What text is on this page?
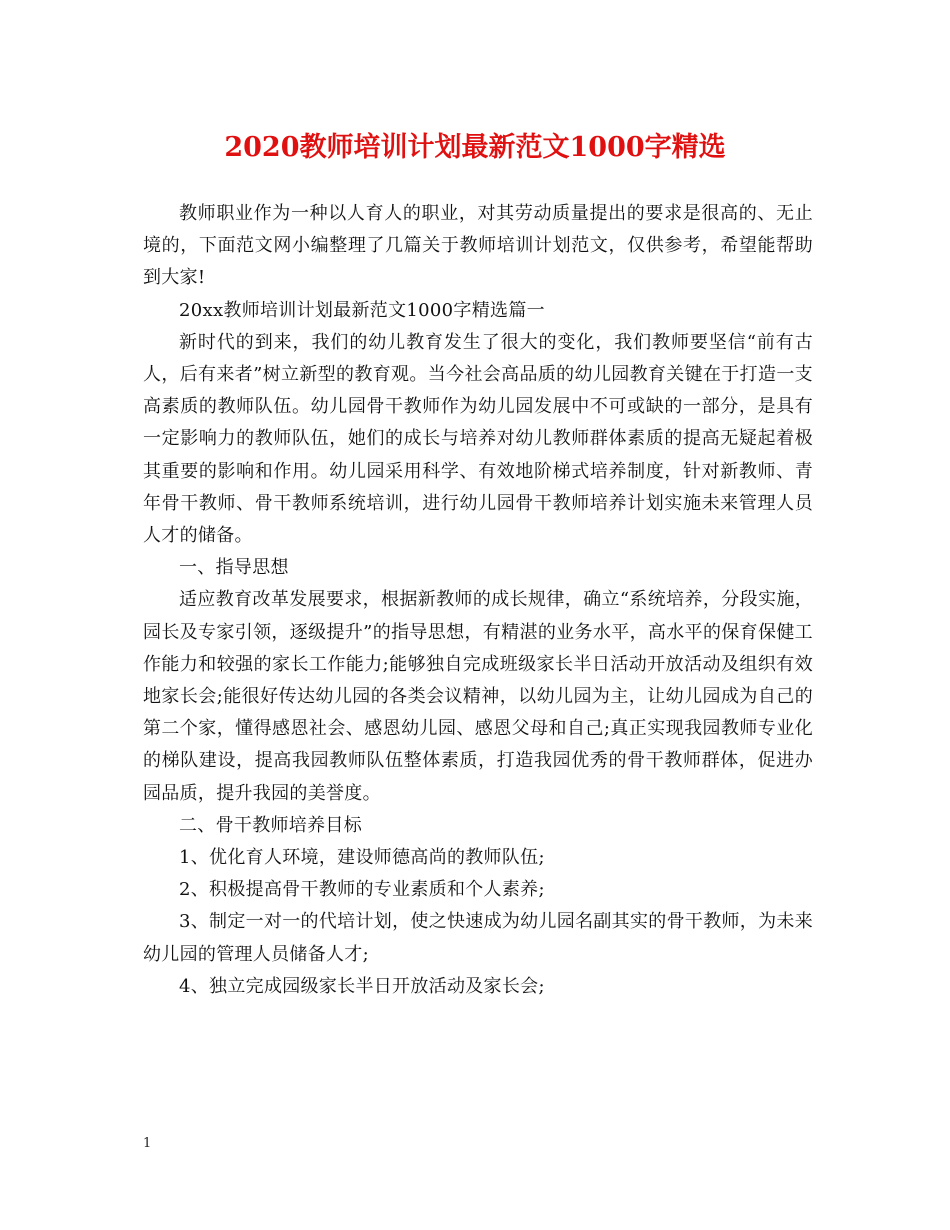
2020教师培训计划最新范文1000字精选

教师职业作为一种以人育人的职业，对其劳动质量提出的要求是很高的、无止境的，下面范文网小编整理了几篇关于教师培训计划范文，仅供参考，希望能帮助到大家!

20xx教师培训计划最新范文1000字精选篇一

新时代的到来，我们的幼儿教育发生了很大的变化，我们教师要坚信“前有古人，后有来者”树立新型的教育观。当今社会高品质的幼儿园教育关键在于打造一支高素质的教师队伍。幼儿园骨干教师作为幼儿园发展中不可或缺的一部分，是具有一定影响力的教师队伍，她们的成长与培养对幼儿教师群体素质的提高无疑起着极其重要的影响和作用。幼儿园采用科学、有效地阶梯式培养制度，针对新教师、青年骨干教师、骨干教师系统培训，进行幼儿园骨干教师培养计划实施未来管理人员人才的储备。

一、指导思想

适应教育改革发展要求，根据新教师的成长规律，确立“系统培养，分段实施，园长及专家引领，逐级提升”的指导思想，有精湛的业务水平，高水平的保育保健工作能力和较强的家长工作能力;能够独自完成班级家长半日活动开放活动及组织有效地家长会;能很好传达幼儿园的各类会议精神，以幼儿园为主，让幼儿园成为自己的第二个家，懂得感恩社会、感恩幼儿园、感恩父母和自己;真正实现我园教师专业化的梯队建设，提高我园教师队伍整体素质，打造我园优秀的骨干教师群体，促进办园品质，提升我园的美誉度。

二、骨干教师培养目标

1、优化育人环境，建设师德高尚的教师队伍;

2、积极提高骨干教师的专业素质和个人素养;

3、制定一对一的代培计划，使之快速成为幼儿园名副其实的骨干教师，为未来幼儿园的管理人员储备人才;

4、独立完成园级家长半日开放活动及家长会;

1
